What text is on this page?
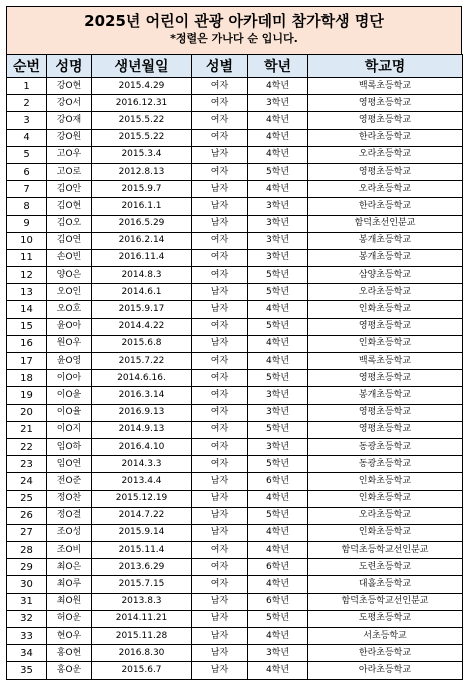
2025년 어린이 관광 아카데미 참가학생 명단
*정렬은 가나다 순 입니다.
순번	성명	생년월일	성별	학년	학교명
1	강O현	2015.4.29	여자	4학년	백록초등학교
2	강O서	2016.12.31	여자	3학년	영평초등학교
3	강O재	2015.5.22	여자	4학년	영평초등학교
4	강O원	2015.5.22	여자	4학년	한라초등학교
5	고O우	2015.3.4	남자	4학년	오라초등학교
6	고O로	2012.8.13	여자	5학년	영평초등학교
7	김O안	2015.9.7	남자	4학년	오라초등학교
8	김O현	2016.1.1	남자	3학년	한라초등학교
9	김O오	2016.5.29	남자	3학년	함덕초선인분교
10	김O연	2016.2.14	여자	3학년	봉개초등학교
11	손O빈	2016.11.4	여자	3학년	봉개초등학교
12	양O은	2014.8.3	여자	5학년	삼양초등학교
13	오O인	2014.6.1	남자	5학년	오라초등학교
14	오O호	2015.9.17	남자	4학년	인화초등학교
15	윤O아	2014.4.22	여자	5학년	영평초등학교
16	원O우	2015.6.8	남자	4학년	인화초등학교
17	윤O영	2015.7.22	여자	4학년	백록초등학교
18	이O아	2014.6.16.	여자	5학년	영평초등학교
19	이O윤	2016.3.14	여자	3학년	봉개초등학교
20	이O율	2016.9.13	여자	3학년	영평초등학교
21	이O지	2014.9.13	여자	5학년	영평초등학교
22	임O하	2016.4.10	여자	3학년	동광초등학교
23	임O연	2014.3.3	여자	5학년	동광초등학교
24	전O준	2013.4.4	남자	6학년	인화초등학교
25	정O찬	2015.12.19	남자	4학년	인화초등학교
26	정O결	2014.7.22	남자	5학년	오라초등학교
27	조O성	2015.9.14	남자	4학년	인화초등학교
28	조O비	2015.11.4	여자	4학년	함덕초등학교선인분교
29	최O은	2013.6.29	여자	6학년	도련초등학교
30	최O루	2015.7.15	여자	4학년	대흘초등학교
31	최O원	2013.8.3	남자	6학년	함덕초등학교선인분교
32	허O운	2014.11.21	남자	5학년	도평초등학교
33	현O우	2015.11.28	남자	4학년	서초등학교
34	홍O현	2016.8.30	남자	3학년	한라초등학교
35	홍O운	2015.6.7	남자	4학년	아라초등학교
